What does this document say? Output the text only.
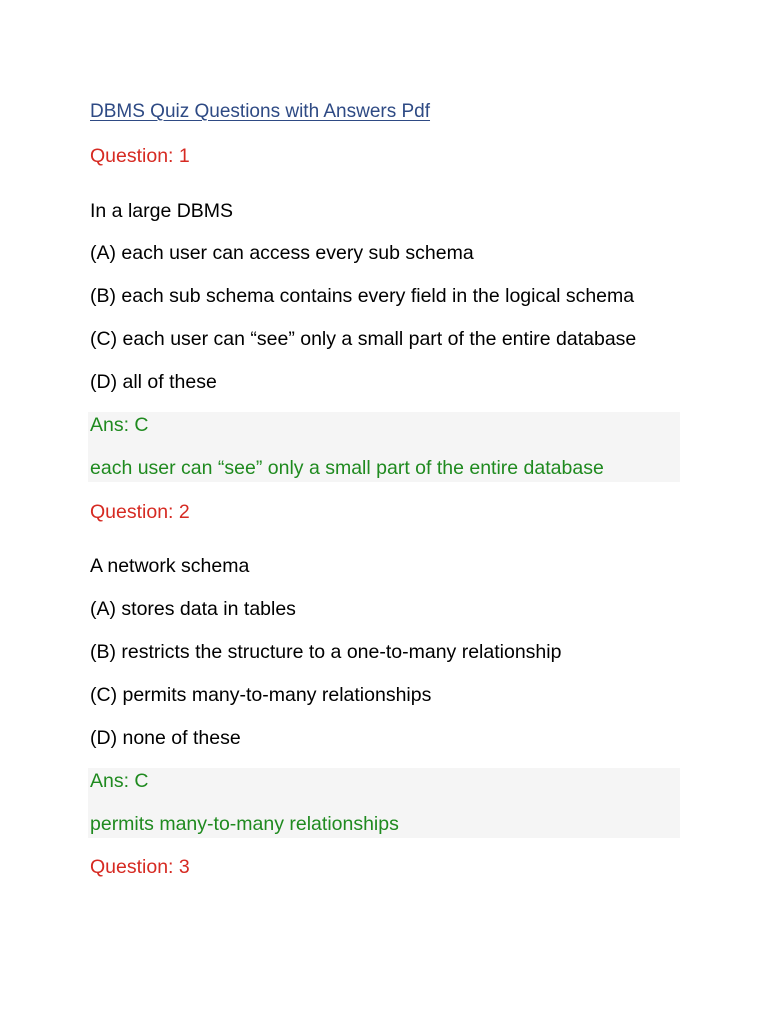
DBMS Quiz Questions with Answers Pdf
Question: 1
In a large DBMS
(A) each user can access every sub schema
(B) each sub schema contains every field in the logical schema
(C) each user can “see” only a small part of the entire database
(D) all of these
Ans: C
each user can “see” only a small part of the entire database
Question: 2
A network schema
(A) stores data in tables
(B) restricts the structure to a one-to-many relationship
(C) permits many-to-many relationships
(D) none of these
Ans: C
permits many-to-many relationships
Question: 3
